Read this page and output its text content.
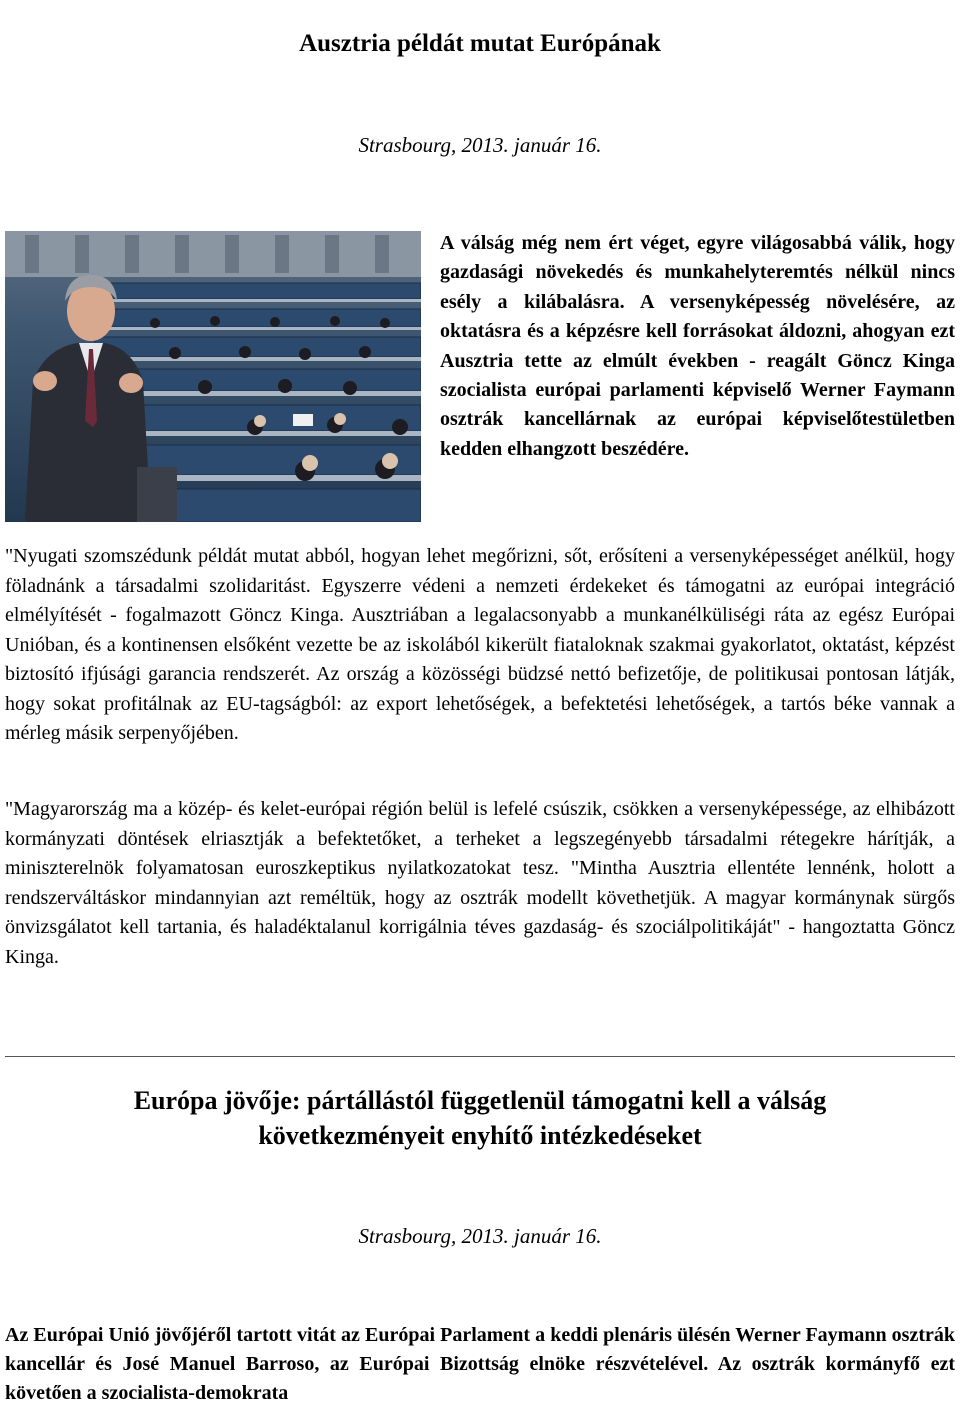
Ausztria példát mutat Európának

Strasbourg, 2013. január 16.

A válság még nem ért véget, egyre világosabbá válik, hogy gazdasági növekedés és munkahelyteremtés nélkül nincs esély a kilábalásra. A versenyképesség növelésére, az oktatásra és a képzésre kell forrásokat áldozni, ahogyan ezt Ausztria tette az elmúlt években - reagált Göncz Kinga szocialista európai parlamenti képviselő Werner Faymann osztrák kancellárnak az európai képviselőtestületben kedden elhangzott beszédére.

"Nyugati szomszédunk példát mutat abból, hogyan lehet megőrizni, sőt, erősíteni a versenyképességet anélkül, hogy föladnánk a társadalmi szolidaritást. Egyszerre védeni a nemzeti érdekeket és támogatni az európai integráció elmélyítését - fogalmazott Göncz Kinga. Ausztriában a legalacsonyabb a munkanélküliségi ráta az egész Európai Unióban, és a kontinensen elsőként vezette be az iskolából kikerült fiataloknak szakmai gyakorlatot, oktatást, képzést biztosító ifjúsági garancia rendszerét. Az ország a közösségi büdzsé nettó befizetője, de politikusai pontosan látják, hogy sokat profitálnak az EU-tagságból: az export lehetőségek, a befektetési lehetőségek, a tartós béke vannak a mérleg másik serpenyőjében.

"Magyarország ma a közép- és kelet-európai régión belül is lefelé csúszik, csökken a versenyképessége, az elhibázott kormányzati döntések elriasztják a befektetőket, a terheket a legszegényebb társadalmi rétegekre hárítják, a miniszterelnök folyamatosan euroszkeptikus nyilatkozatokat tesz. "Mintha Ausztria ellentéte lennénk, holott a rendszerváltáskor mindannyian azt reméltük, hogy az osztrák modellt követhetjük. A magyar kormánynak sürgős önvizsgálatot kell tartania, és haladéktalanul korrigálnia téves gazdaság- és szociálpolitikáját" - hangoztatta Göncz Kinga.

Európa jövője: pártállástól függetlenül támogatni kell a válság
következményeit enyhítő intézkedéseket

Strasbourg, 2013. január 16.

Az Európai Unió jövőjéről tartott vitát az Európai Parlament a keddi plenáris ülésén Werner Faymann osztrák kancellár és José Manuel Barroso, az Európai Bizottság elnöke részvételével. Az osztrák kormányfő ezt követően a szocialista-demokrata
